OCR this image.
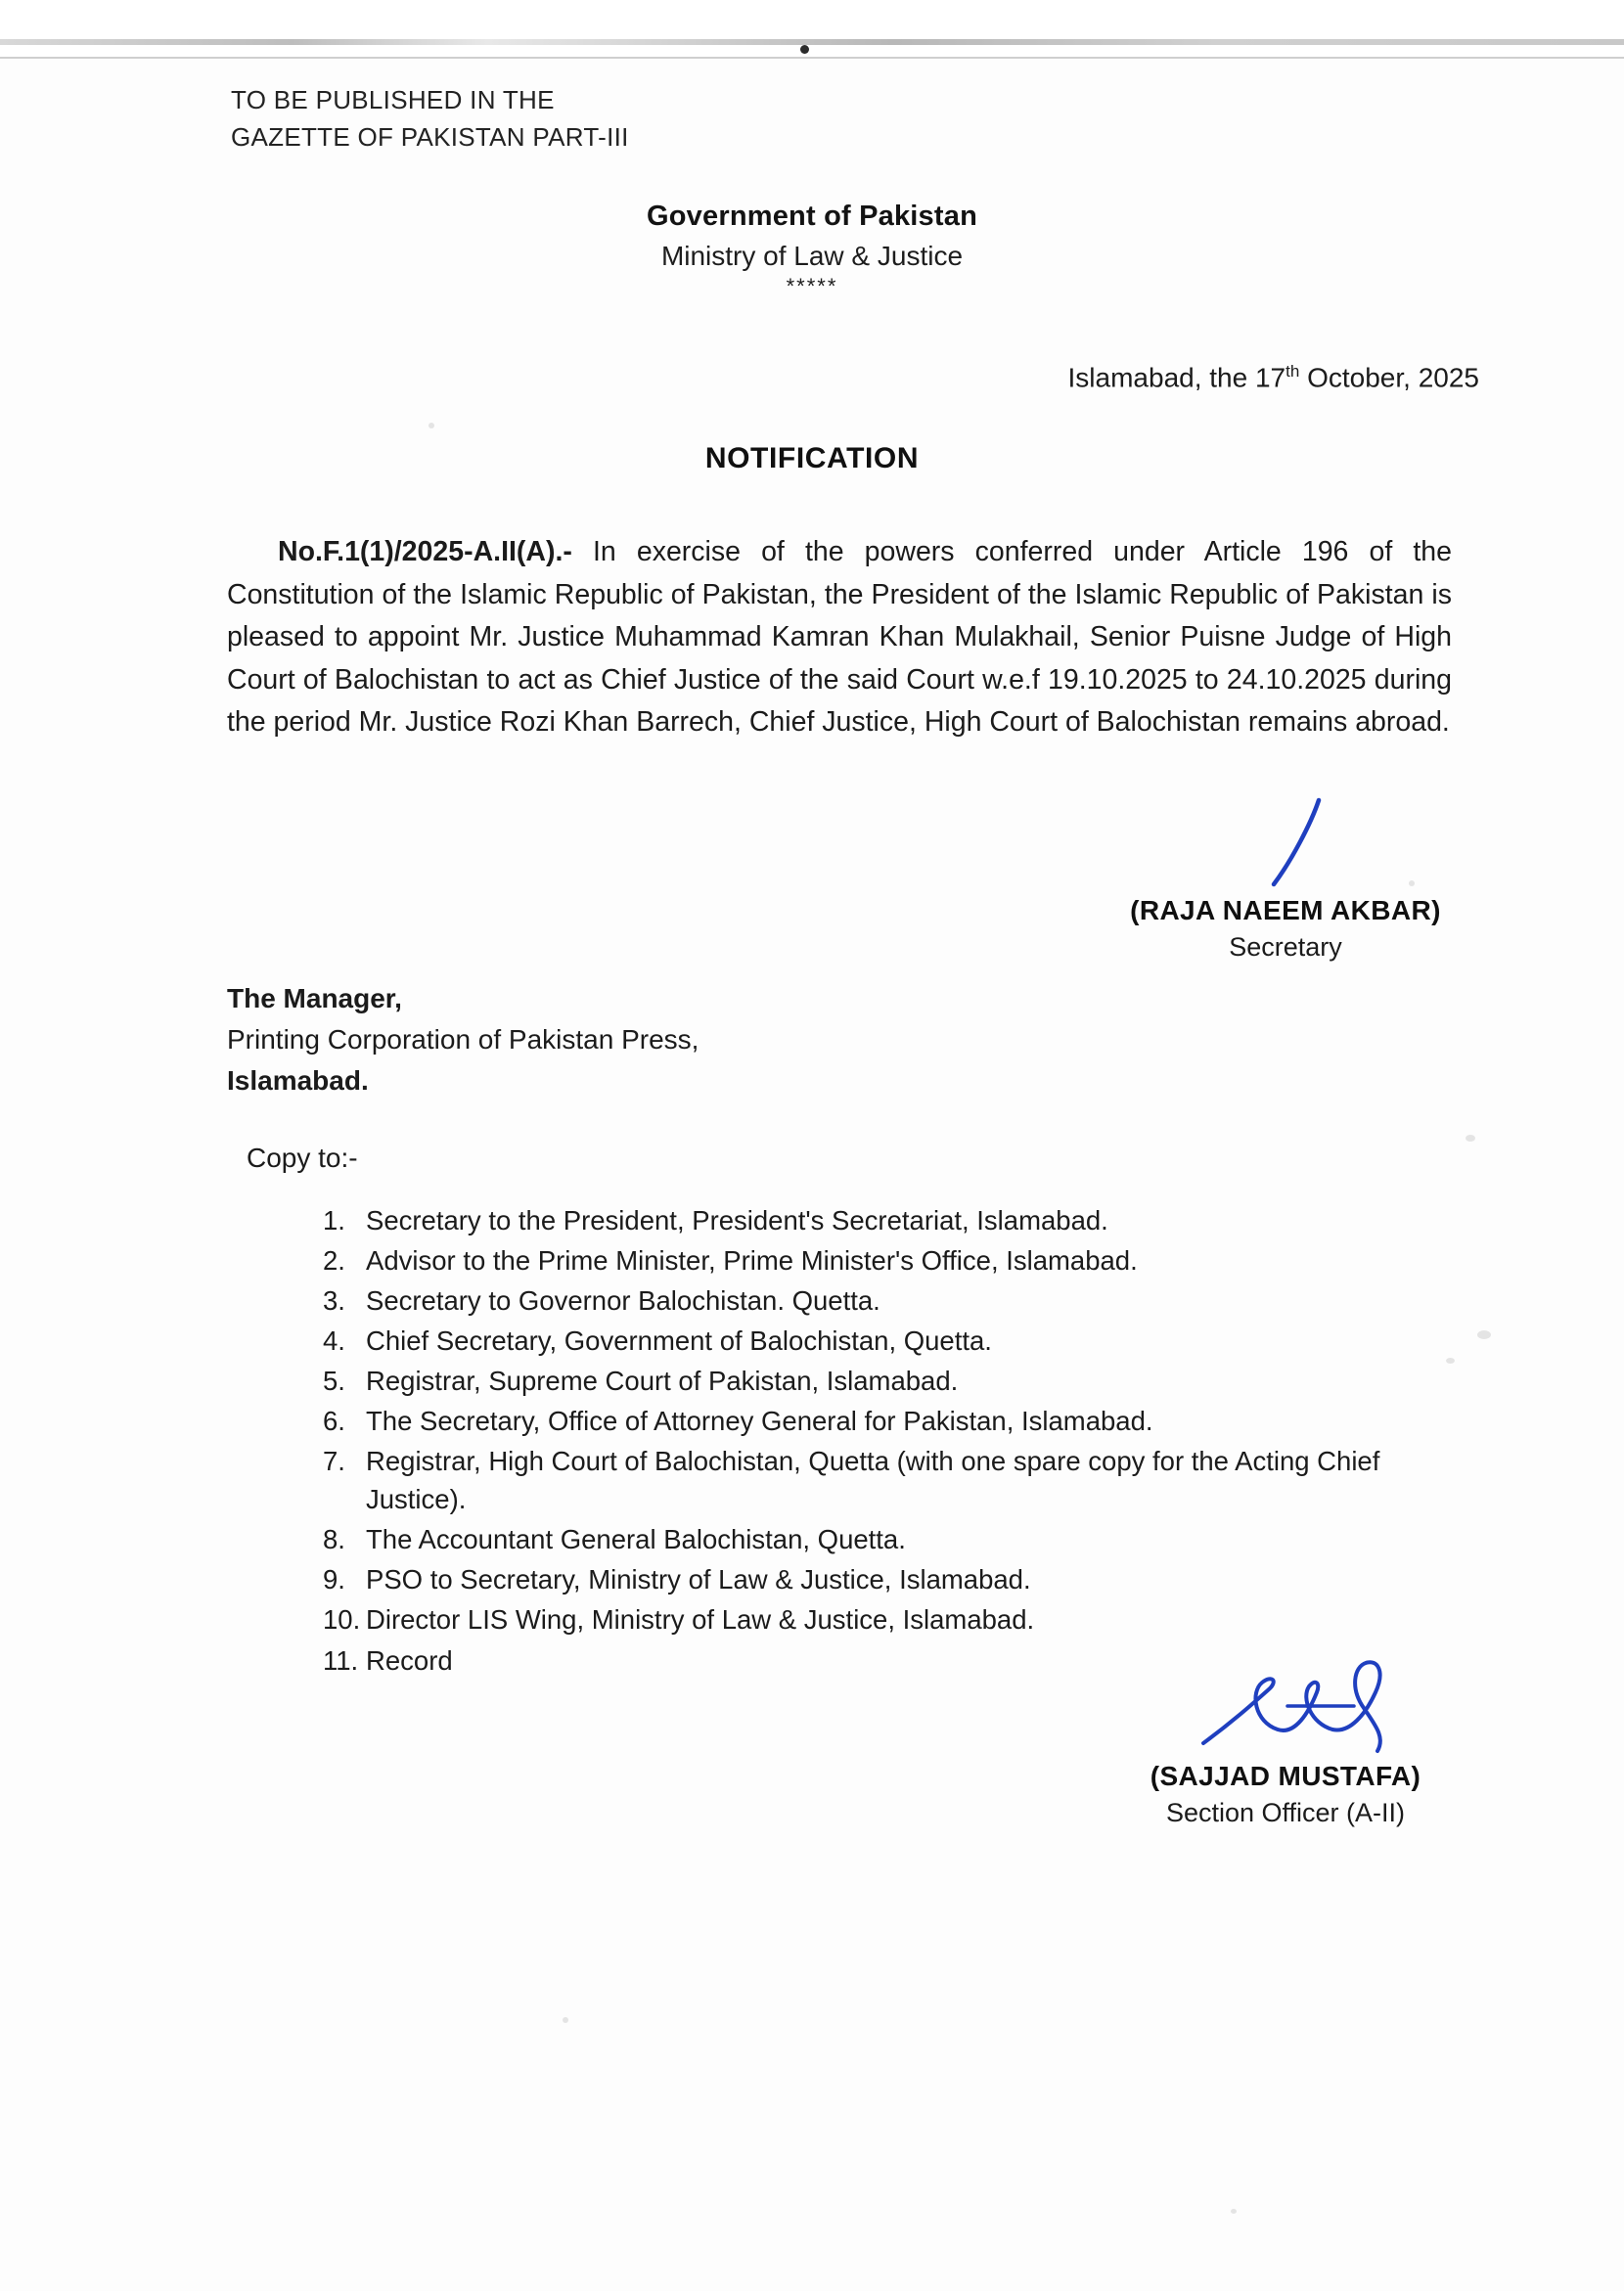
TO BE PUBLISHED IN THE
GAZETTE OF PAKISTAN PART-III
Government of Pakistan
Ministry of Law & Justice
*****
Islamabad, the 17th October, 2025
NOTIFICATION
No.F.1(1)/2025-A.II(A).- In exercise of the powers conferred under Article 196 of the Constitution of the Islamic Republic of Pakistan, the President of the Islamic Republic of Pakistan is pleased to appoint Mr. Justice Muhammad Kamran Khan Mulakhail, Senior Puisne Judge of High Court of Balochistan to act as Chief Justice of the said Court w.e.f 19.10.2025 to 24.10.2025 during the period Mr. Justice Rozi Khan Barrech, Chief Justice, High Court of Balochistan remains abroad.
(RAJA NAEEM AKBAR)
Secretary
The Manager,
Printing Corporation of Pakistan Press,
Islamabad.
Copy to:-
1. Secretary to the President, President's Secretariat, Islamabad.
2. Advisor to the Prime Minister, Prime Minister's Office, Islamabad.
3. Secretary to Governor Balochistan. Quetta.
4. Chief Secretary, Government of Balochistan, Quetta.
5. Registrar, Supreme Court of Pakistan, Islamabad.
6. The Secretary, Office of Attorney General for Pakistan, Islamabad.
7. Registrar, High Court of Balochistan, Quetta (with one spare copy for the Acting Chief Justice).
8. The Accountant General Balochistan, Quetta.
9. PSO to Secretary, Ministry of Law & Justice, Islamabad.
10. Director LIS Wing, Ministry of Law & Justice, Islamabad.
11. Record
(SAJJAD MUSTAFA)
Section Officer (A-II)
